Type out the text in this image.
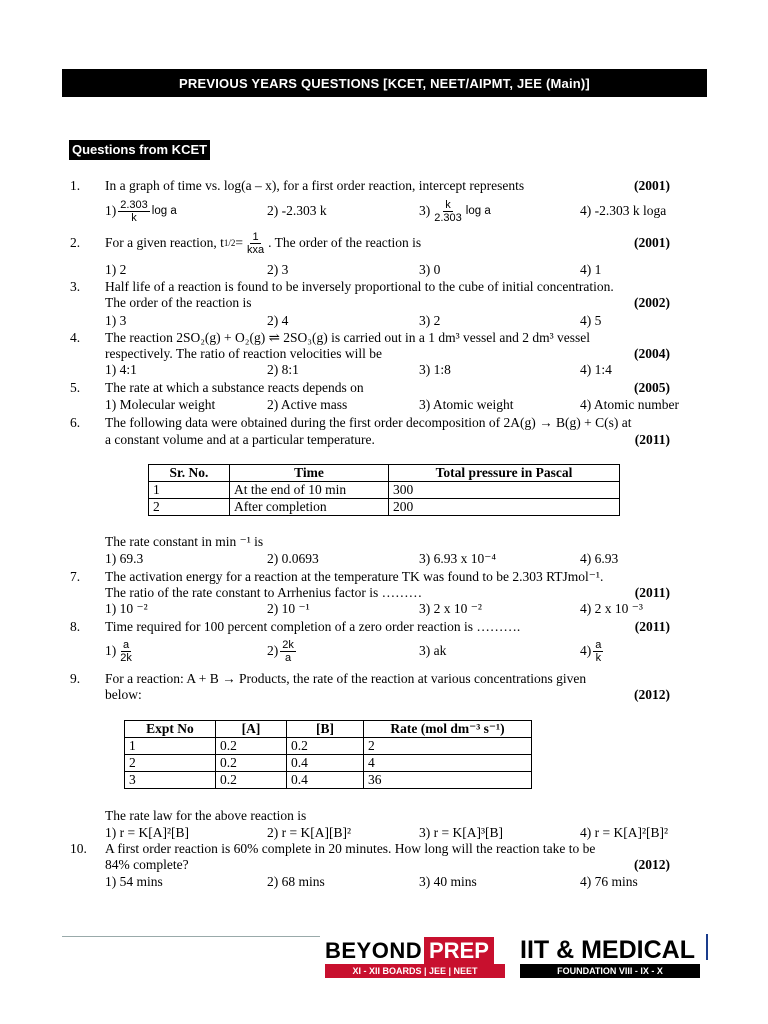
PREVIOUS YEARS QUESTIONS [KCET, NEET/AIPMT, JEE (Main)]
Questions from KCET
1. In a graph of time vs. log(a – x), for a first order reaction, intercept represents	(2001)
$1) \frac{2.303}{k}$ log a	2) -2.303 k	$3) \frac{k}{2.303}$ log a	4) -2.303 k loga
2. For a given reaction, t $1/2 = \frac{1}{\text{kxa}}$ . The order of the reaction is	(2001)
1) 2	2) 3	3) 0	4) 1
3. Half life of a reaction is found to be inversely proportional to the cube of initial concentration.
The order of the reaction is	(2002)
1) 3	2) 4	3) 2	4) 5
4. The reaction 2SO₂(g) + O₂(g) ⇌ 2SO₃(g) is carried out in a 1 dm³ vessel and 2 dm³ vessel
respectively. The ratio of reaction velocities will be	(2004)
1) 4:1	2) 8:1	3) 1:8	4) 1:4
5. The rate at which a substance reacts depends on	(2005)
1) Molecular weight	2) Active mass	3) Atomic weight	4) Atomic number
6. The following data were obtained during the first order decomposition of 2A(g) → B(g) + C(s) at
a constant volume and at a particular temperature.	(2011)
Sr. No.	Time	Total pressure in Pascal
1	At the end of 10 min	300
2	After completion	200
The rate constant in min ⁻¹ is
1) 69.3	2) 0.0693	3) 6.93 x 10⁻⁴	4) 6.93
7. The activation energy for a reaction at the temperature TK was found to be 2.303 RTJmol⁻¹.
The ratio of the rate constant to Arrhenius factor is ………	(2011)
1) 10 ⁻²	2) 10 ⁻¹	3) 2 x 10 ⁻²	4) 2 x 10 ⁻³
8. Time required for 100 percent completion of a zero order reaction is ……….	(2011)
$1) \frac{a}{2k}$	$2) \frac{2k}{a}$	3) ak	$4) \frac{a}{k}$
9. For a reaction: A + B → Products, the rate of the reaction at various concentrations given
below:	(2012)
Expt No	[A]	[B]	Rate (mol dm⁻³ s⁻¹)
1	0.2	0.2	2
2	0.2	0.4	4
3	0.2	0.4	36
The rate law for the above reaction is
1) r = K[A]²[B]	2) r = K[A][B]²	3) r = K[A]³[B]	4) r = K[A]²[B]²
10. A first order reaction is 60% complete in 20 minutes. How long will the reaction take to be
84% complete?	(2012)
1) 54 mins	2) 68 mins	3) 40 mins	4) 76 mins
BEYOND PREP IIT & MEDICAL
XI - XII BOARDS | JEE | NEET	FOUNDATION VIII - IX - X
